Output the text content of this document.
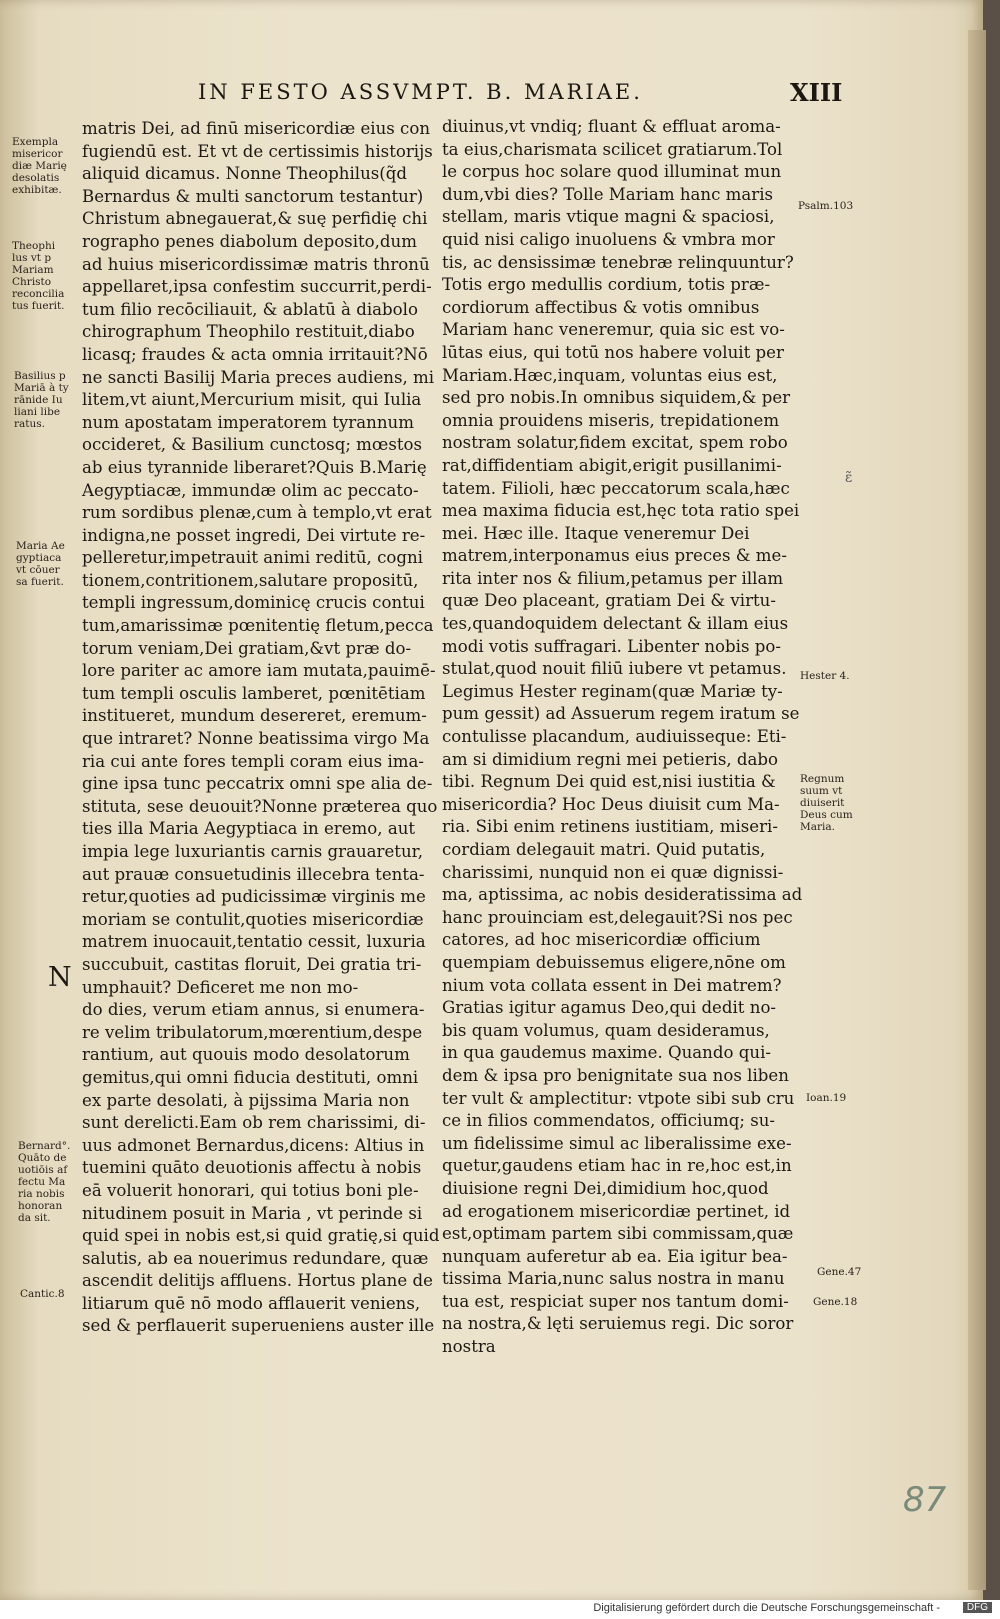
IN FESTO ASSVMPT. B. MARIAE.	XIII
matris Dei, ad finū misericordiæ eius con
fugiendū est. Et vt de certissimis historijs
aliquid dicamus. Nonne Theophilus(q̃d
Bernardus & multi sanctorum testantur)
Christum abnegauerat,& suę perfidię chi
rographo penes diabolum deposito,dum
ad huius misericordissimæ matris thronū
appellaret,ipsa confestim succurrit,perdi-
tum filio recōciliauit, & ablatū à diabolo
chirographum Theophilo restituit,diabo
licasq; fraudes & acta omnia irritauit?Nō
ne sancti Basilij Maria preces audiens, mi
litem,vt aiunt,Mercurium misit, qui Iulia
num apostatam imperatorem tyrannum
occideret, & Basilium cunctosq; mœstos
ab eius tyrannide liberaret?Quis B.Marię
Aegyptiacæ, immundæ olim ac peccato-
rum sordibus plenæ,cum à templo,vt erat
indigna,ne posset ingredi, Dei virtute re-
pelleretur,impetrauit animi reditū, cogni
tionem,contritionem,salutare propositū,
templi ingressum,dominicę crucis contui
tum,amarissimæ pœnitentię fletum,pecca
torum veniam,Dei gratiam,&vt præ do-
lore pariter ac amore iam mutata,pauimē-
tum templi osculis lamberet, pœnitētiam
institueret, mundum desereret, eremum-
que intraret? Nonne beatissima virgo Ma
ria cui ante fores templi coram eius ima-
gine ipsa tunc peccatrix omni spe alia de-
stituta, sese deuouit?Nonne præterea quo
ties illa Maria Aegyptiaca in eremo, aut
impia lege luxuriantis carnis grauaretur,
aut prauæ consuetudinis illecebra tenta-
retur,quoties ad pudicissimæ virginis me
moriam se contulit,quoties misericordiæ
matrem inuocauit,tentatio cessit, luxuria
succubuit, castitas floruit, Dei gratia tri-
umphauit? Deficeret me non mo-
do dies, verum etiam annus, si enumera-
re velim tribulatorum,mœrentium,despe
rantium, aut quouis modo desolatorum
gemitus,qui omni fiducia destituti, omni
ex parte desolati, à pijssima Maria non
sunt derelicti.Eam ob rem charissimi, di-
uus admonet Bernardus,dicens: Altius in
tuemini quāto deuotionis affectu à nobis
eā voluerit honorari, qui totius boni ple-
nitudinem posuit in Maria , vt perinde si
quid spei in nobis est,si quid gratię,si quid
salutis, ab ea nouerimus redundare, quæ
ascendit delitijs affluens. Hortus plane de
litiarum quē nō modo afflauerit veniens,
sed & perflauerit superueniens auster ille
diuinus,vt vndiq; fluant & effluat aroma-
ta eius,charismata scilicet gratiarum.Tol
le corpus hoc solare quod illuminat mun
dum,vbi dies? Tolle Mariam hanc maris
stellam, maris vtique magni & spaciosi,
quid nisi caligo inuoluens & vmbra mor
tis, ac densissimæ tenebræ relinquuntur?
Totis ergo medullis cordium, totis præ-
cordiorum affectibus & votis omnibus
Mariam hanc veneremur, quia sic est vo-
lūtas eius, qui totū nos habere voluit per
Mariam.Hæc,inquam, voluntas eius est,
sed pro nobis.In omnibus siquidem,& per
omnia prouidens miseris, trepidationem
nostram solatur,fidem excitat, spem robo
rat,diffidentiam abigit,erigit pusillanimi-
tatem. Filioli, hæc peccatorum scala,hæc
mea maxima fiducia est,hęc tota ratio spei
mei. Hæc ille. Itaque veneremur Dei
matrem,interponamus eius preces & me-
rita inter nos & filium,petamus per illam
quæ Deo placeant, gratiam Dei & virtu-
tes,quandoquidem delectant & illam eius
modi votis suffragari. Libenter nobis po-
stulat,quod nouit filiū iubere vt petamus.
Legimus Hester reginam(quæ Mariæ ty-
pum gessit) ad Assuerum regem iratum se
contulisse placandum, audiuisseque: Eti-
am si dimidium regni mei petieris, dabo
tibi. Regnum Dei quid est,nisi iustitia &
misericordia? Hoc Deus diuisit cum Ma-
ria. Sibi enim retinens iustitiam, miseri-
cordiam delegauit matri. Quid putatis,
charissimi, nunquid non ei quæ dignissi-
ma, aptissima, ac nobis desideratissima ad
hanc prouinciam est,delegauit?Si nos pec
catores, ad hoc misericordiæ officium
quempiam debuissemus eligere,nōne om
nium vota collata essent in Dei matrem?
Gratias igitur agamus Deo,qui dedit no-
bis quam volumus, quam desideramus,
in qua gaudemus maxime. Quando qui-
dem & ipsa pro benignitate sua nos liben
ter vult & amplectitur: vtpote sibi sub cru
ce in filios commendatos, officiumq; su-
um fidelissime simul ac liberalissime exe-
quetur,gaudens etiam hac in re,hoc est,in
diuisione regni Dei,dimidium hoc,quod
ad erogationem misericordiæ pertinet, id
est,optimam partem sibi commissam,quæ
nunquam auferetur ab ea. Eia igitur bea-
tissima Maria,nunc salus nostra in manu
tua est, respiciat super nos tantum domi-
na nostra,& lęti seruiemus regi. Dic soror
nostra
Exempla
misericor
diæ Marię
desolatis
exhibitæ.
Theophi
lus vt p
Mariam
Christo
reconcilia
tus fuerit.
Basilius p
Mariā à ty
rānide Iu
liani libe
ratus.
Maria Ae
gyptiaca
vt cōuer
sa fuerit.
Bernard°.
Quāto de
uotiōis af
fectu Ma
ria nobis
honoran
da sit.
Cantic.8
Psalm.103
Hester 4.
Regnum
suum vt
diuiserit
Deus cum
Maria.
Ioan.19
Gene.47
Gene.18
N
ɛ̃
87
Digitalisierung gefördert durch die Deutsche Forschungsgemeinschaft -	DFG
